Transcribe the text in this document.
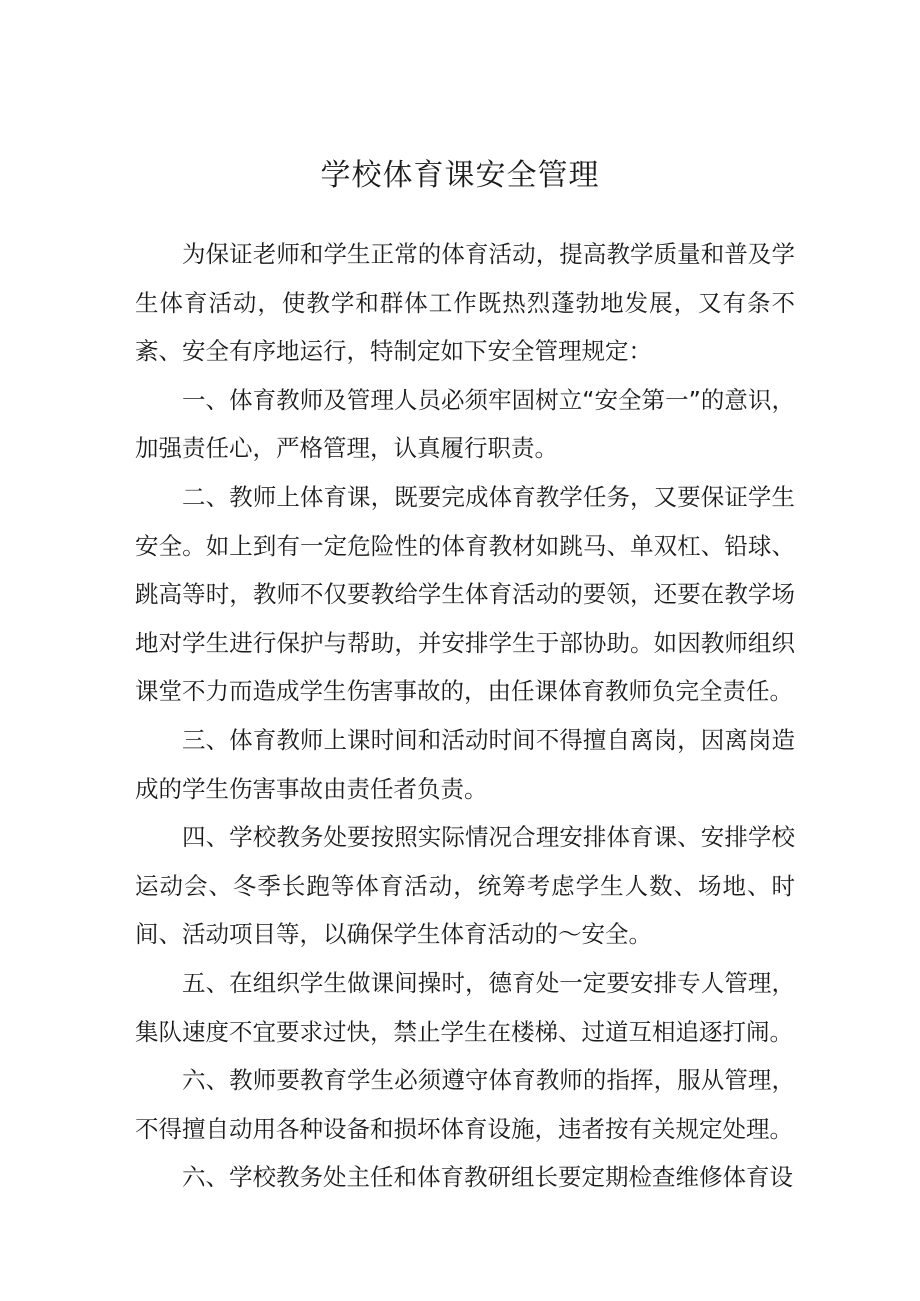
学校体育课安全管理

为保证老师和学生正常的体育活动，提高教学质量和普及学生体育活动，使教学和群体工作既热烈蓬勃地发展，又有条不紊、安全有序地运行，特制定如下安全管理规定：

一、体育教师及管理人员必须牢固树立“安全第一”的意识，加强责任心，严格管理，认真履行职责。

二、教师上体育课，既要完成体育教学任务，又要保证学生安全。如上到有一定危险性的体育教材如跳马、单双杠、铅球、跳高等时，教师不仅要教给学生体育活动的要领，还要在教学场地对学生进行保护与帮助，并安排学生于部协助。如因教师组织课堂不力而造成学生伤害事故的，由任课体育教师负完全责任。

三、体育教师上课时间和活动时间不得擅自离岗，因离岗造成的学生伤害事故由责任者负责。

四、学校教务处要按照实际情况合理安排体育课、安排学校运动会、冬季长跑等体育活动，统筹考虑学生人数、场地、时间、活动项目等，以确保学生体育活动的〜安全。

五、在组织学生做课间操时，德育处一定要安排专人管理，集队速度不宜要求过快，禁止学生在楼梯、过道互相追逐打闹。

六、教师要教育学生必须遵守体育教师的指挥，服从管理，不得擅自动用各种设备和损坏体育设施，违者按有关规定处理。

六、学校教务处主任和体育教研组长要定期检查维修体育设
